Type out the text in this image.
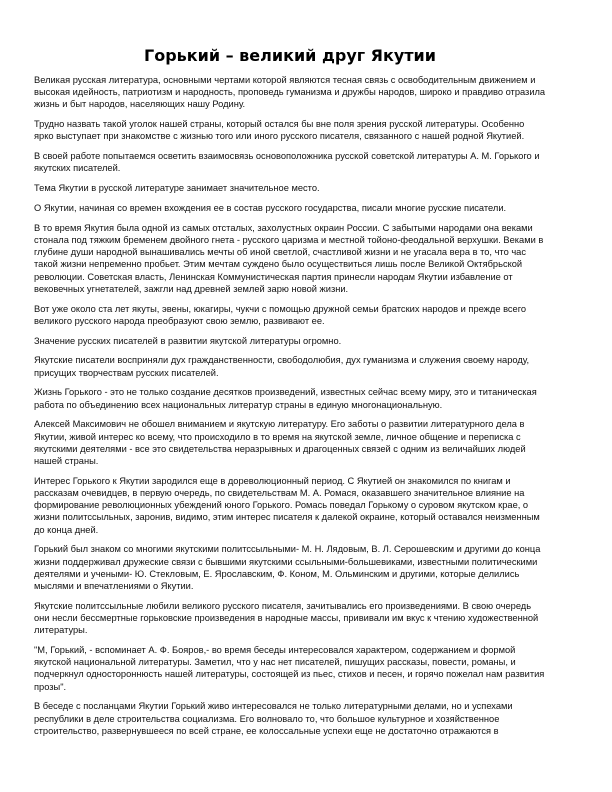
Горький – великий друг Якутии

Великая русская литература, основными чертами которой являются тесная связь с освободительным движением и высокая идейность, патриотизм и народность, проповедь гуманизма и дружбы народов, широко и правдиво отразила жизнь и быт народов, населяющих нашу Родину.

Трудно назвать такой уголок нашей страны, который остался бы вне поля зрения русской литературы. Особенно ярко выступает при знакомстве с жизнью того или иного русского писателя, связанного с нашей родной Якутией.

В своей работе попытаемся осветить взаимосвязь основоположника русской советской литературы А. М. Горького и якутских писателей.

Тема Якутии в русской литературе занимает значительное место.

О Якутии, начиная со времен вхождения ее в состав русского государства, писали многие русские писатели.

В то время Якутия была одной из самых отсталых, захолустных окраин России. С забытыми народами она веками стонала под тяжким бременем двойного гнета - русского царизма и местной тойоно-феодальной верхушки. Веками в глубине души народной вынашивались мечты об иной светлой, счастливой жизни и не угасала вера в то, что час такой жизни непременно пробьет. Этим мечтам суждено было осуществиться лишь после Великой Октябрьской революции. Советская власть, Ленинская Коммунистическая партия принесли народам Якутии избавление от вековечных угнетателей, зажгли над древней землей зарю новой жизни.

Вот уже около ста лет якуты, эвены, юкагиры, чукчи с помощью дружной семьи братских народов и прежде всего великого русского народа преобразуют свою землю, развивают ее.

Значение русских писателей в развитии якутской литературы огромно.

Якутские писатели восприняли дух гражданственности, свободолюбия, дух гуманизма и служения своему народу, присущих творчествам русских писателей.

Жизнь Горького - это не только создание десятков произведений, известных сейчас всему миру, это и титаническая работа по объединению всех национальных литератур страны в единую многонациональную.

Алексей Максимович не обошел вниманием и якутскую литературу. Его заботы о развитии литературного дела в Якутии, живой интерес ко всему, что происходило в то время на якутской земле, личное общение и переписка с якутскими деятелями - все это свидетельства неразрывных и драгоценных связей с одним из величайших людей нашей страны.

Интерес Горького к Якутии зародился еще в дореволюционный период. С Якутией он знакомился по книгам и рассказам очевидцев, в первую очередь, по свидетельствам М. А. Ромася, оказавшего значительное влияние на формирование революционных убеждений юного Горького. Ромась поведал Горькому о суровом якутском крае, о жизни политссыльных, заронив, видимо, этим интерес писателя к далекой окраине, который оставался неизменным до конца дней.

Горький был знаком со многими якутскими политссыльными- М. Н. Лядовым, В. Л. Серошевским и другими до конца жизни поддерживал дружеские связи с бывшими якутскими ссыльными-большевиками, известными политическими деятелями и учеными- Ю. Стекловым, Е. Ярославским, Ф. Коном, М. Ольминским и другими, которые делились мыслями и впечатлениями о Якутии.

Якутские политссыльные любили великого русского писателя, зачитывались его произведениями. В свою очередь они несли бессмертные горьковские произведения в народные массы, прививали им вкус к чтению художественной литературы.

"М, Горький, - вспоминает А. Ф. Бояров,- во время беседы интересовался характером, содержанием и формой якутской национальной литературы. Заметил, что у нас нет писателей, пишущих рассказы, повести, романы, и подчеркнул одностороннюсть нашей литературы, состоящей из пьес, стихов и песен, и горячо пожелал нам развития прозы".

В беседе с посланцами Якутии Горький живо интересовался не только литературными делами, но и успехами республики в деле строительства социализма. Его волновало то, что большое культурное и хозяйственное строительство, развернувшееся по всей стране, ее колоссальные успехи еще не достаточно отражаются в
